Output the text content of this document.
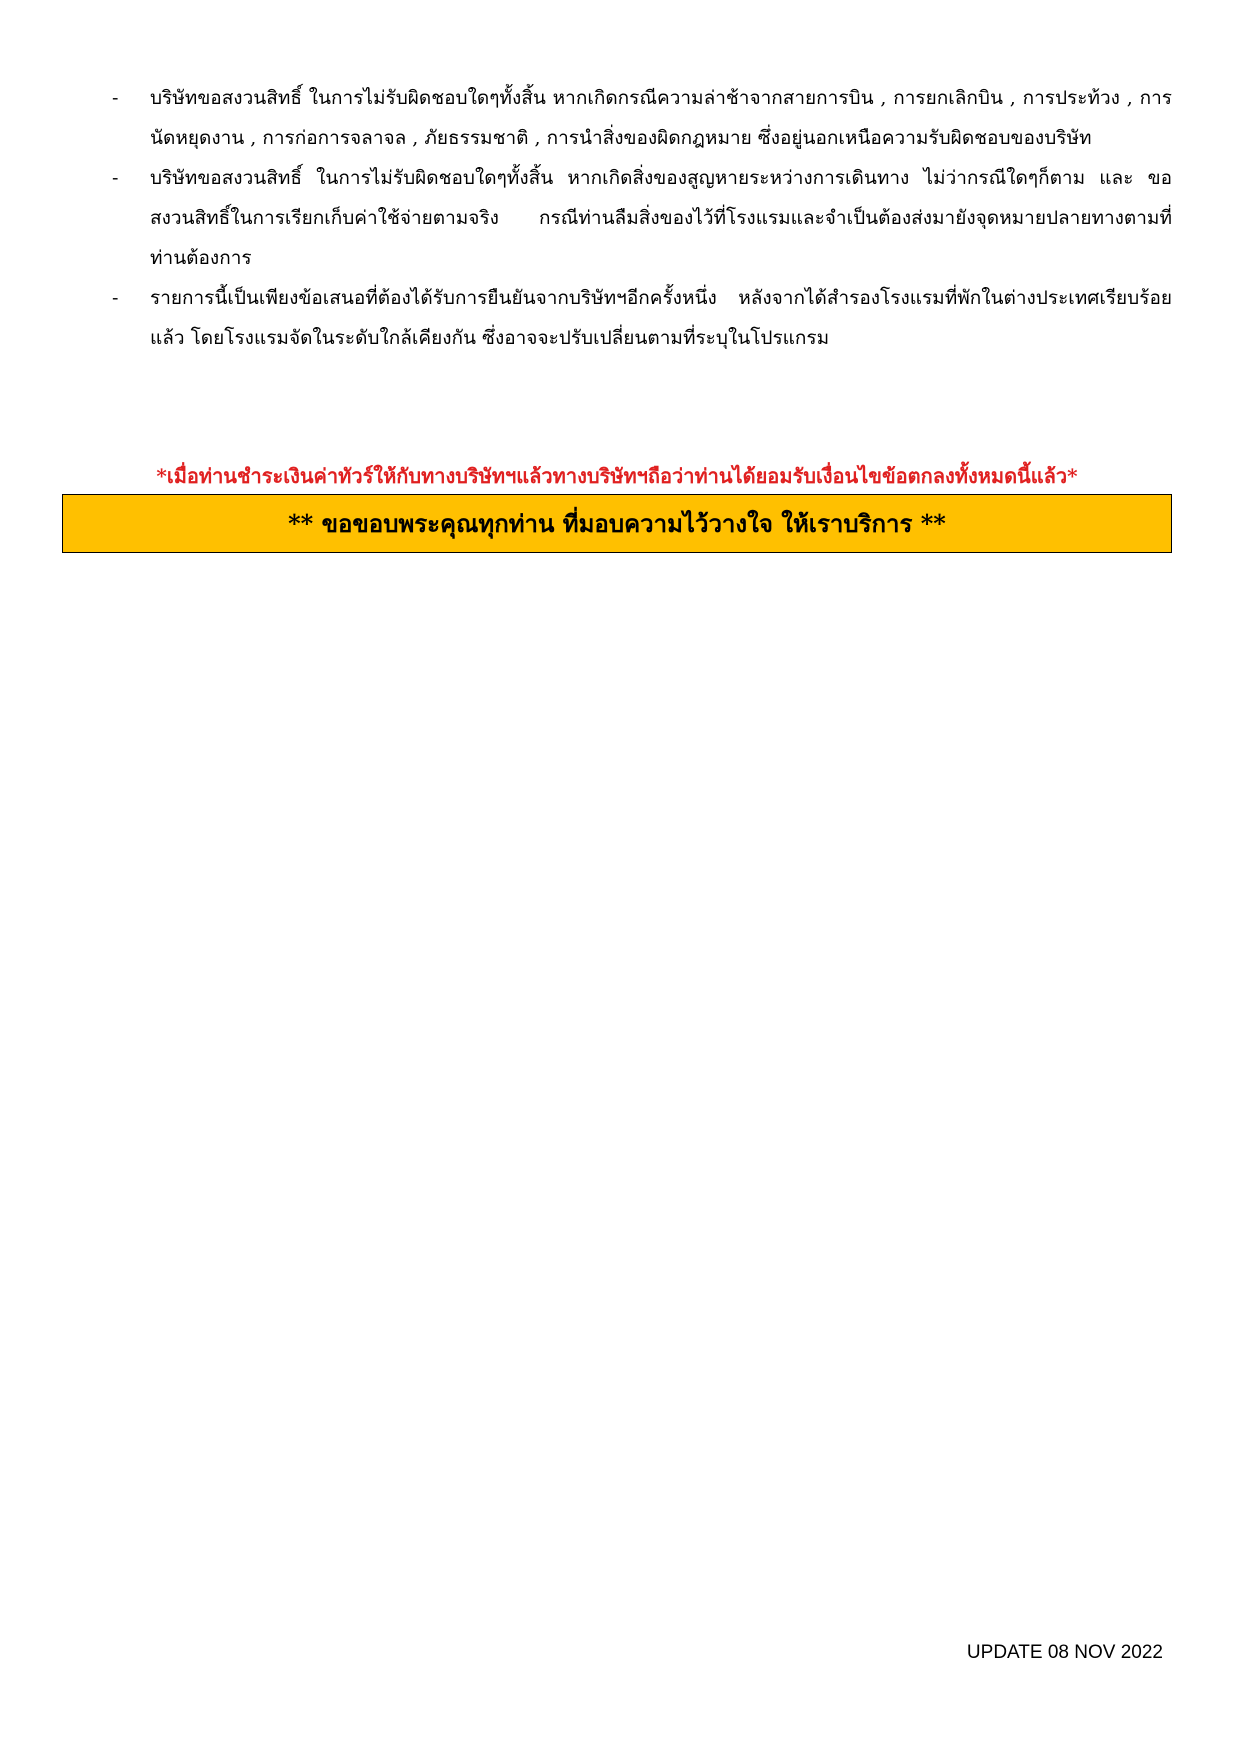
-	บริษัทขอสงวนสิทธิ์ ในการไม่รับผิดชอบใดๆทั้งสิ้น หากเกิดกรณีความล่าช้าจากสายการบิน , การยกเลิกบิน , การประท้วง , การนัดหยุดงาน , การก่อการจลาจล , ภัยธรรมชาติ , การนำสิ่งของผิดกฎหมาย ซึ่งอยู่นอกเหนือความรับผิดชอบของบริษัท
-	บริษัทขอสงวนสิทธิ์ ในการไม่รับผิดชอบใดๆทั้งสิ้น หากเกิดสิ่งของสูญหายระหว่างการเดินทาง ไม่ว่ากรณีใดๆก็ตาม และ ขอสงวนสิทธิ์ในการเรียกเก็บค่าใช้จ่ายตามจริง กรณีท่านลืมสิ่งของไว้ที่โรงแรมและจำเป็นต้องส่งมายังจุดหมายปลายทางตามที่ท่านต้องการ
-	รายการนี้เป็นเพียงข้อเสนอที่ต้องได้รับการยืนยันจากบริษัทฯอีกครั้งหนึ่ง หลังจากได้สำรองโรงแรมที่พักในต่างประเทศเรียบร้อยแล้ว โดยโรงแรมจัดในระดับใกล้เคียงกัน ซึ่งอาจจะปรับเปลี่ยนตามที่ระบุในโปรแกรม
*เมื่อท่านชำระเงินค่าทัวร์ให้กับทางบริษัทฯแล้วทางบริษัทฯถือว่าท่านได้ยอมรับเงื่อนไขข้อตกลงทั้งหมดนี้แล้ว*
** ขอขอบพระคุณทุกท่าน ที่มอบความไว้วางใจ ให้เราบริการ **
UPDATE 08 NOV 2022
